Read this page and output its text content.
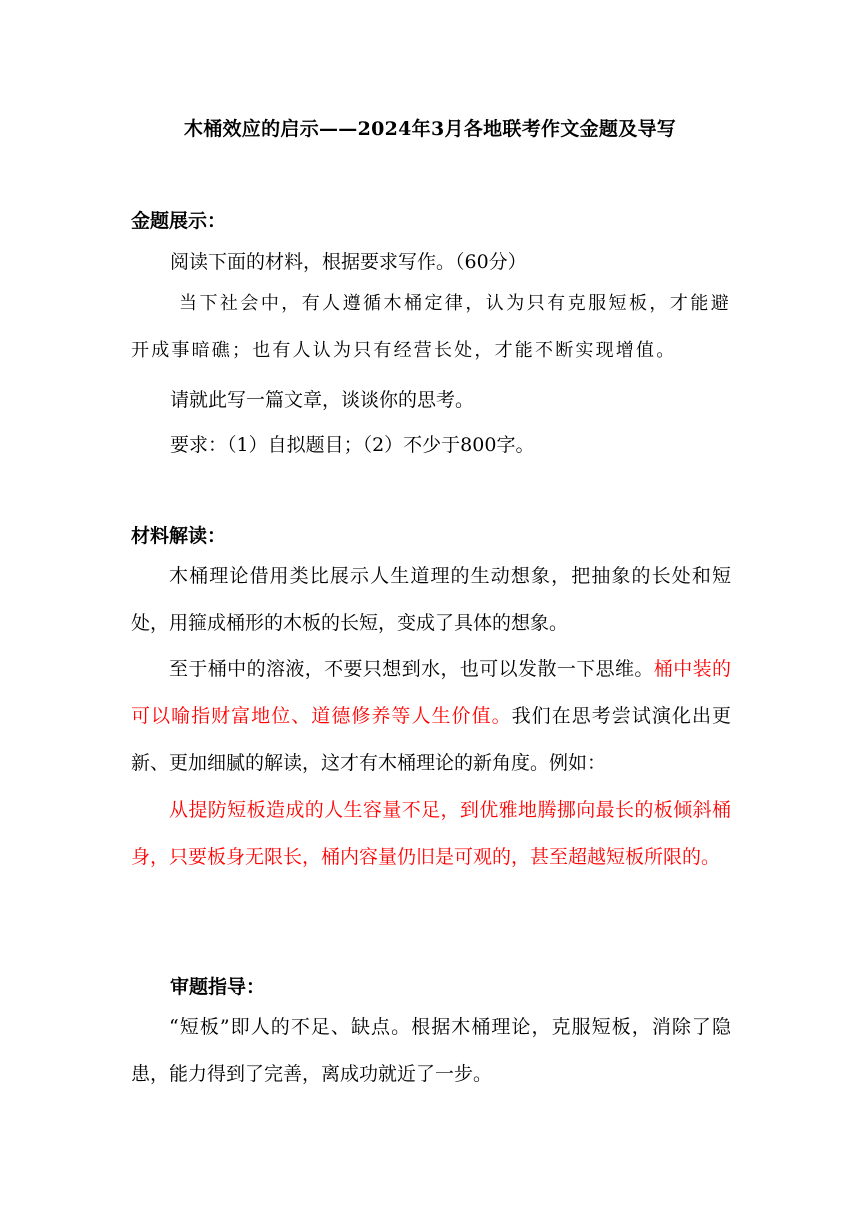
木桶效应的启示——2024年3月各地联考作文金题及导写
金题展示：
阅读下面的材料，根据要求写作。（60分）
当下社会中，有人遵循木桶定律，认为只有克服短板，才能避开成事暗礁；也有人认为只有经营长处，才能不断实现增值。
请就此写一篇文章，谈谈你的思考。
要求：（1）自拟题目；（2）不少于800字。
材料解读：
木桶理论借用类比展示人生道理的生动想象，把抽象的长处和短处，用箍成桶形的木板的长短，变成了具体的想象。
至于桶中的溶液，不要只想到水，也可以发散一下思维。桶中装的可以喻指财富地位、道德修养等人生价值。我们在思考尝试演化出更新、更加细腻的解读，这才有木桶理论的新角度。例如：
从提防短板造成的人生容量不足，到优雅地腾挪向最长的板倾斜桶身，只要板身无限长，桶内容量仍旧是可观的，甚至超越短板所限的。
审题指导：
“短板”即人的不足、缺点。根据木桶理论，克服短板，消除了隐患，能力得到了完善，离成功就近了一步。
